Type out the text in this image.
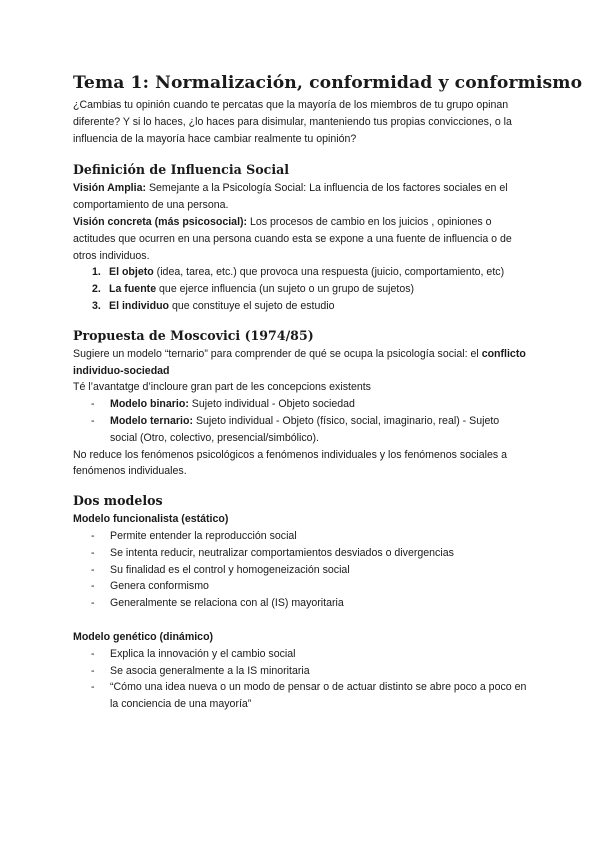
Tema 1: Normalización, conformidad y conformismo

¿Cambias tu opinión cuando te percatas que la mayoría de los miembros de tu grupo opinan diferente? Y si lo haces, ¿lo haces para disimular, manteniendo tus propias convicciones, o la influencia de la mayoría hace cambiar realmente tu opinión?

Definición de Influencia Social

Visión Amplia: Semejante a la Psicología Social: La influencia de los factores sociales en el comportamiento de una persona.

Visión concreta (más psicosocial): Los procesos de cambio en los juicios , opiniones o actitudes que ocurren en una persona cuando esta se expone a una fuente de influencia o de otros individuos.

1. El objeto (idea, tarea, etc.) que provoca una respuesta (juicio, comportamiento, etc)
2. La fuente que ejerce influencia (un sujeto o un grupo de sujetos)
3. El individuo que constituye el sujeto de estudio
Propuesta de Moscovici (1974/85)

Sugiere un modelo “ternario” para comprender de qué se ocupa la psicología social: el conflicto individuo-sociedad

Té l’avantatge d’incloure gran part de les concepcions existents

-	Modelo binario: Sujeto individual - Objeto sociedad
-	Modelo ternario: Sujeto individual - Objeto (físico, social, imaginario, real) - Sujeto social (Otro, colectivo, presencial/simbólico).

No reduce los fenómenos psicológicos a fenómenos individuales y los fenómenos sociales a fenómenos individuales.

Dos modelos

Modelo funcionalista (estático)

-	Permite entender la reproducción social
-	Se intenta reducir, neutralizar comportamientos desviados o divergencias
-	Su finalidad es el control y homogeneización social
-	Genera conformismo
-	Generalmente se relaciona con al (IS) mayoritaria

Modelo genético (dinámico)

-	Explica la innovación y el cambio social
-	Se asocia generalmente a la IS minoritaria
-	“Cómo una idea nueva o un modo de pensar o de actuar distinto se abre poco a poco en la conciencia de una mayoría”
